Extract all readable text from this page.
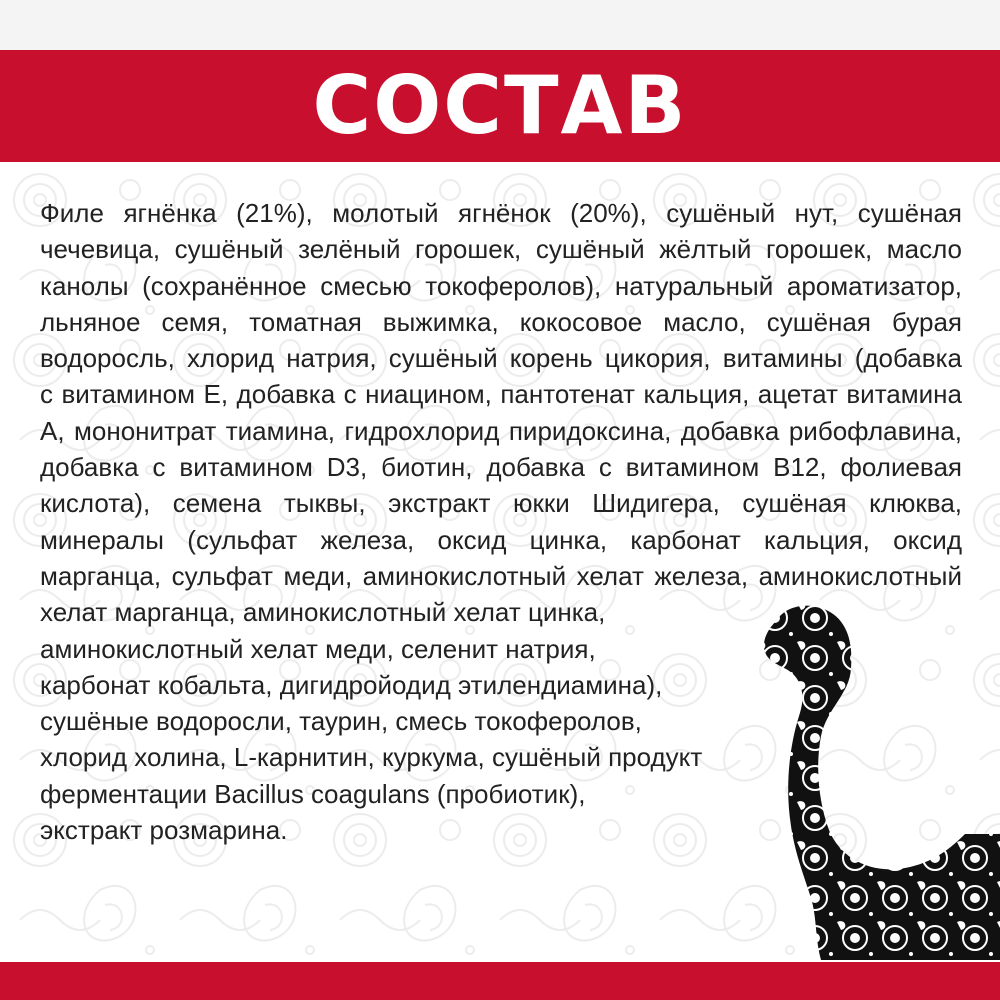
СОСТАВ
Филе ягнёнка (21%), молотый ягнёнок (20%), сушёный нут, сушёная
чечевица, сушёный зелёный горошек, сушёный жёлтый горошек, масло
канолы (сохранённое смесью токоферолов), натуральный ароматизатор,
льняное семя, томатная выжимка, кокосовое масло, сушёная бурая
водоросль, хлорид натрия, сушёный корень цикория, витамины (добавка
с витамином Е, добавка с ниацином, пантотенат кальция, ацетат витамина
А, мононитрат тиамина, гидрохлорид пиридоксина, добавка рибофлавина,
добавка с витамином D3, биотин, добавка с витамином B12, фолиевая
кислота), семена тыквы, экстракт юкки Шидигера, сушёная клюква,
минералы (сульфат железа, оксид цинка, карбонат кальция, оксид
марганца, сульфат меди, аминокислотный хелат железа, аминокислотный
хелат марганца, аминокислотный хелат цинка,
аминокислотный хелат меди, селенит натрия,
карбонат кобальта, дигидройодид этилендиамина),
сушёные водоросли, таурин, смесь токоферолов,
хлорид холина, L-карнитин, куркума, сушёный продукт
ферментации Bacillus coagulans (пробиотик),
экстракт розмарина.
